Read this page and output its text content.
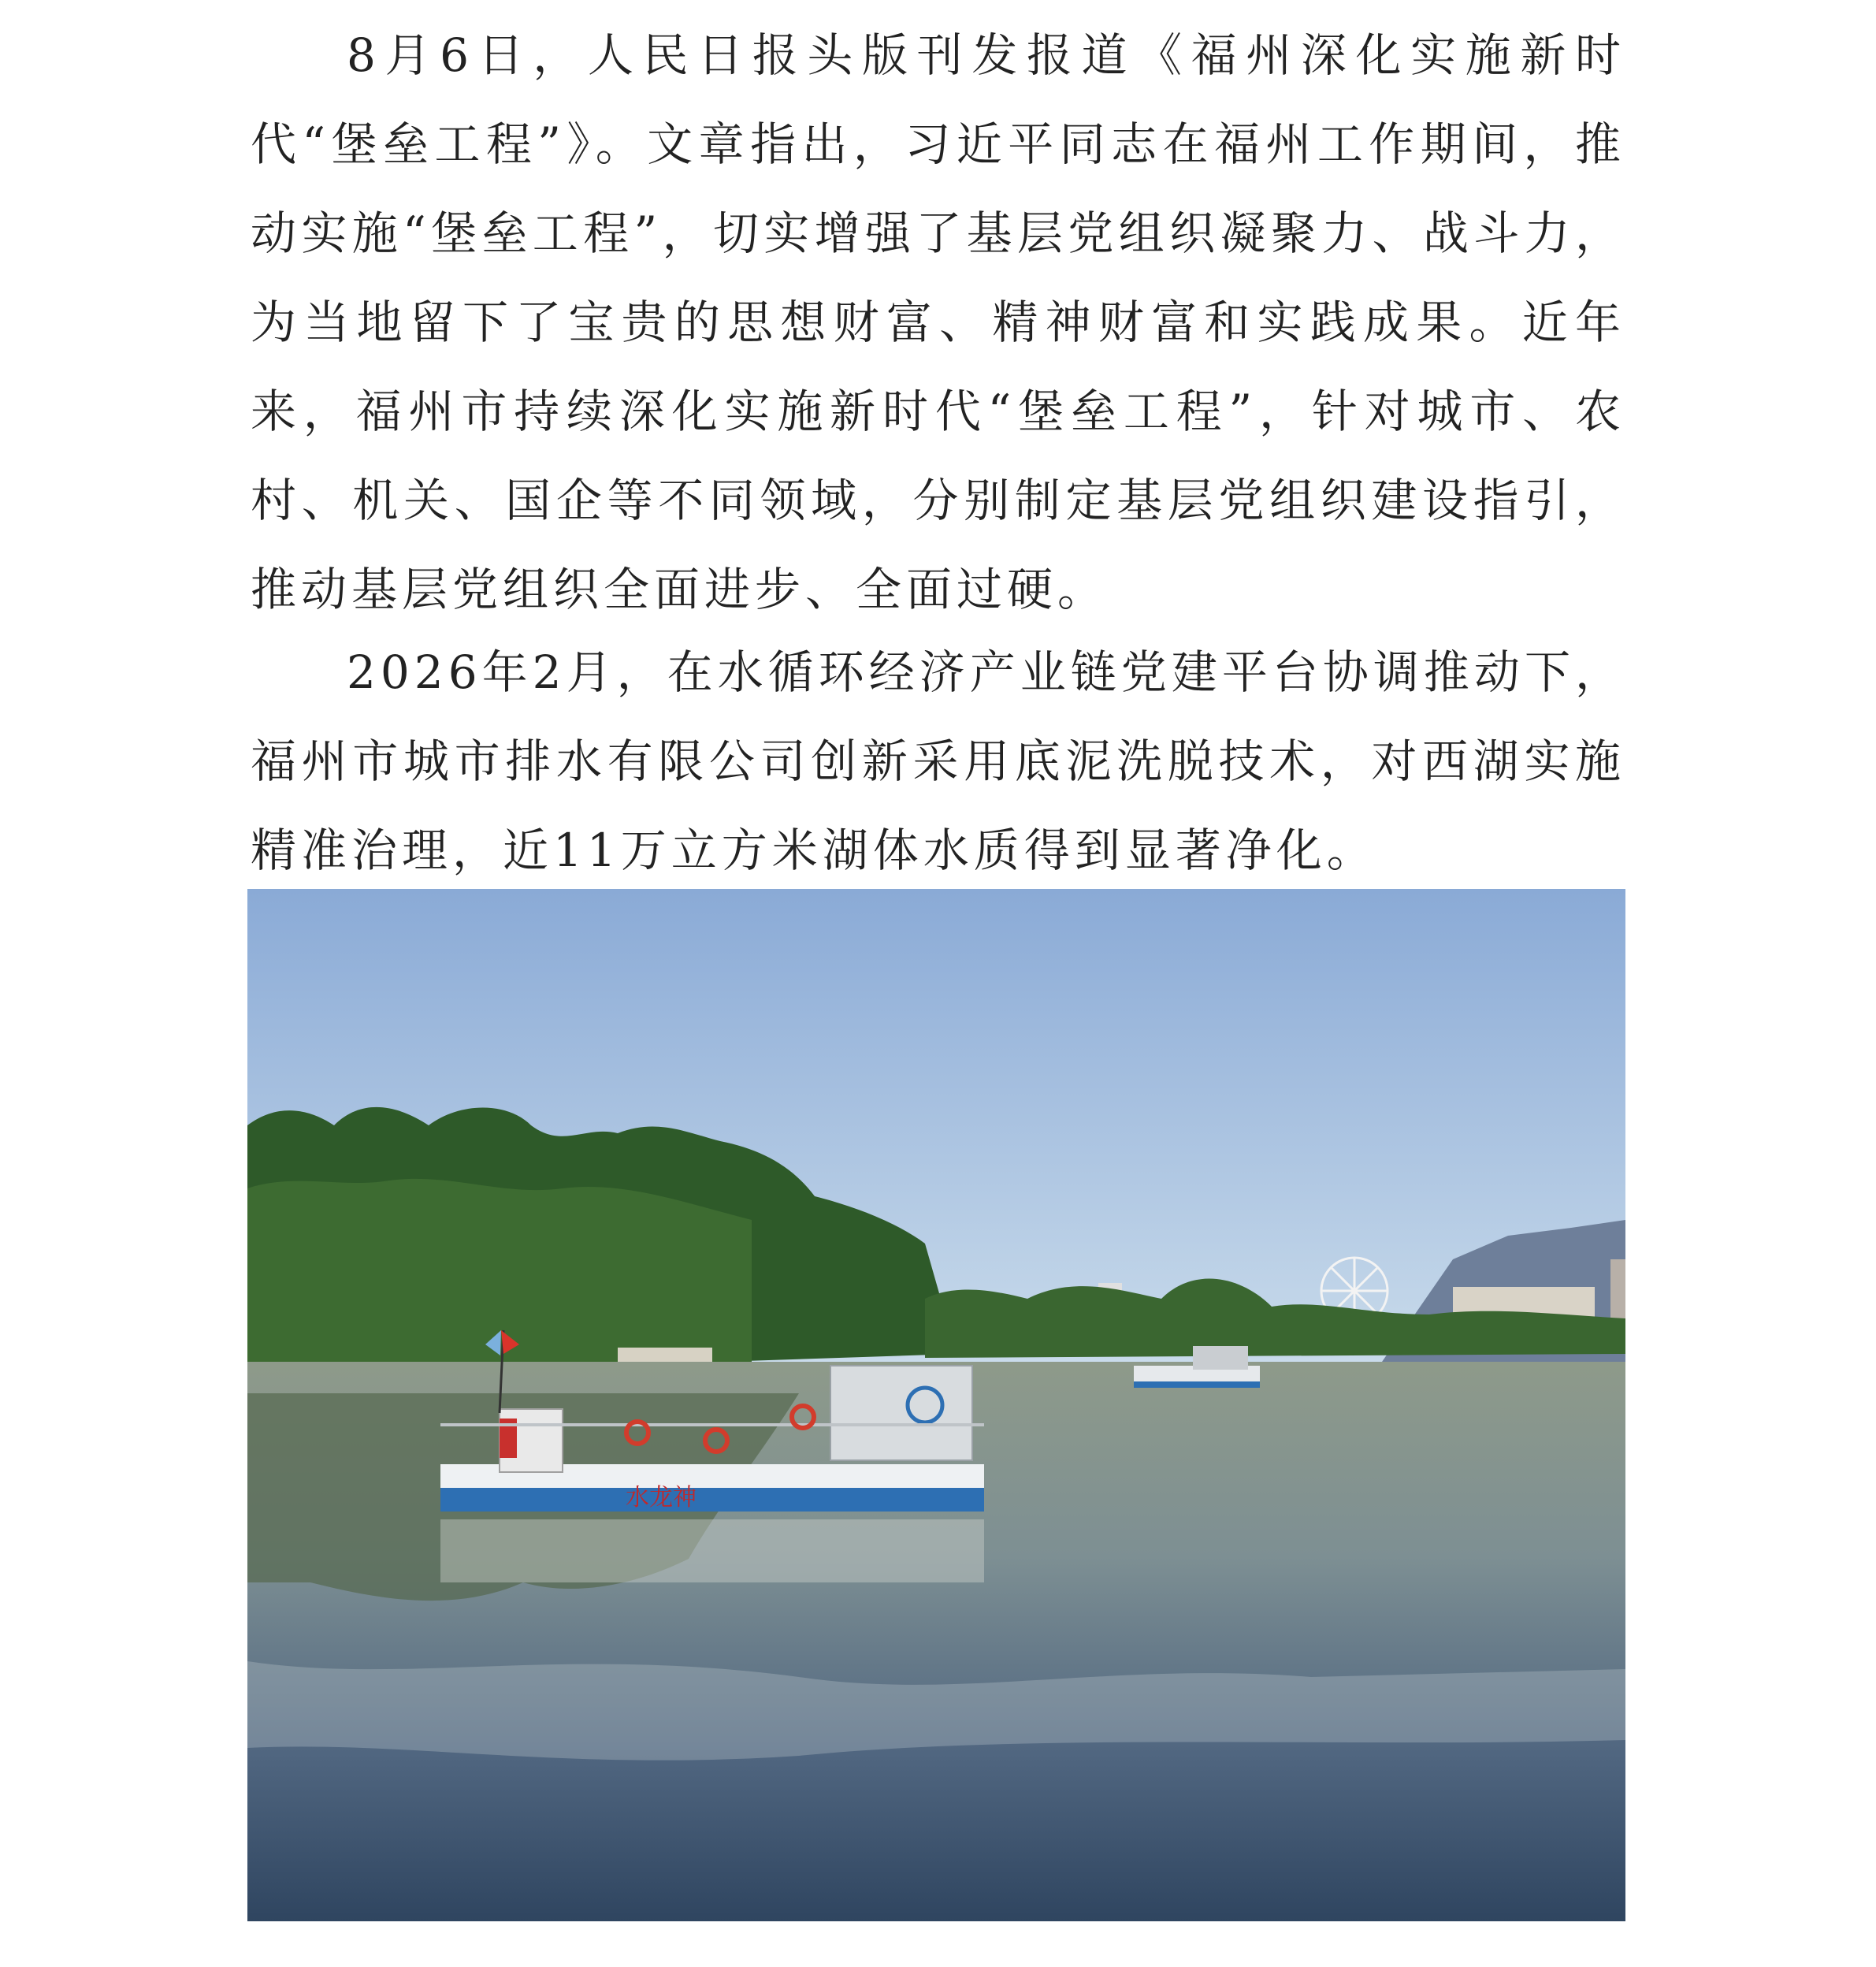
8月6日，人民日报头版刊发报道《福州深化实施新时代“堡垒工程”》。文章指出，习近平同志在福州工作期间，推动实施“堡垒工程”，切实增强了基层党组织凝聚力、战斗力，为当地留下了宝贵的思想财富、精神财富和实践成果。近年来，福州市持续深化实施新时代“堡垒工程”，针对城市、农村、机关、国企等不同领域，分别制定基层党组织建设指引，推动基层党组织全面进步、全面过硬。

2026年2月，在水循环经济产业链党建平台协调推动下，福州市城市排水有限公司创新采用底泥洗脱技术，对西湖实施精准治理，近11万立方米湖体水质得到显著净化。

水龙神
